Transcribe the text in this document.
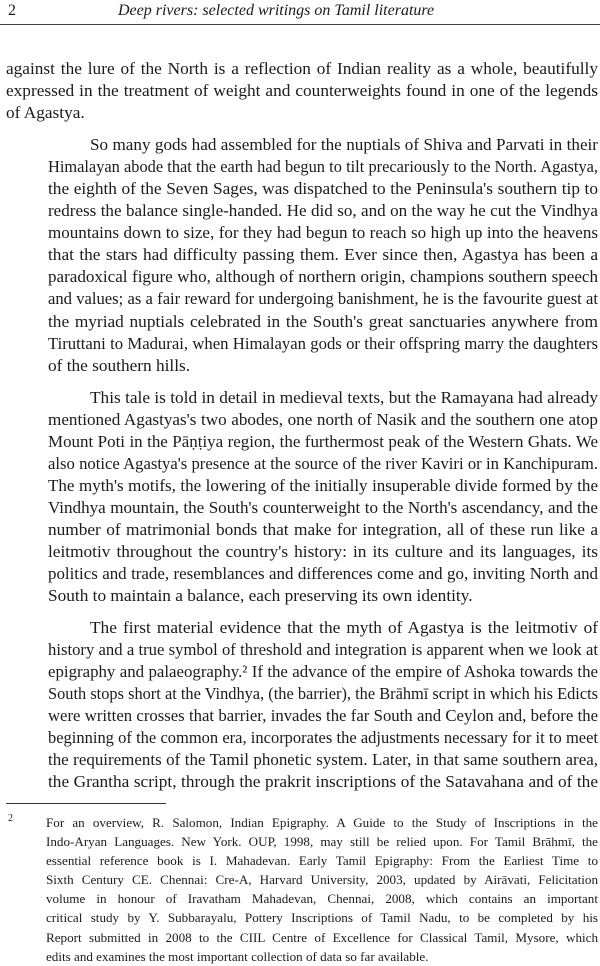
2	Deep rivers: selected writings on Tamil literature

against the lure of the North is a reflection of Indian reality as a whole, beautifully
expressed in the treatment of weight and counterweights found in one of the legends
of Agastya.

So many gods had assembled for the nuptials of Shiva and Parvati in their
Himalayan abode that the earth had begun to tilt precariously to the North. Agastya,
the eighth of the Seven Sages, was dispatched to the Peninsula's southern tip to
redress the balance single-handed. He did so, and on the way he cut the Vindhya
mountains down to size, for they had begun to reach so high up into the heavens
that the stars had difficulty passing them. Ever since then, Agastya has been a
paradoxical figure who, although of northern origin, champions southern speech
and values; as a fair reward for undergoing banishment, he is the favourite guest at
the myriad nuptials celebrated in the South's great sanctuaries anywhere from
Tiruttani to Madurai, when Himalayan gods or their offspring marry the daughters
of the southern hills.

This tale is told in detail in medieval texts, but the Ramayana had already
mentioned Agastyas's two abodes, one north of Nasik and the southern one atop
Mount Poti in the Pāṇṭiya region, the furthermost peak of the Western Ghats. We
also notice Agastya's presence at the source of the river Kaviri or in Kanchipuram.
The myth's motifs, the lowering of the initially insuperable divide formed by the
Vindhya mountain, the South's counterweight to the North's ascendancy, and the
number of matrimonial bonds that make for integration, all of these run like a
leitmotiv throughout the country's history: in its culture and its languages, its
politics and trade, resemblances and differences come and go, inviting North and
South to maintain a balance, each preserving its own identity.

The first material evidence that the myth of Agastya is the leitmotiv of
history and a true symbol of threshold and integration is apparent when we look at
epigraphy and palaeography.² If the advance of the empire of Ashoka towards the
South stops short at the Vindhya, (the barrier), the Brāhmī script in which his Edicts
were written crosses that barrier, invades the far South and Ceylon and, before the
beginning of the common era, incorporates the adjustments necessary for it to meet
the requirements of the Tamil phonetic system. Later, in that same southern area,
the Grantha script, through the prakrit inscriptions of the Satavahana and of the

2	For an overview, R. Salomon, Indian Epigraphy. A Guide to the Study of Inscriptions in the
Indo-Aryan Languages. New York. OUP, 1998, may still be relied upon. For Tamil Brāhmī, the
essential reference book is I. Mahadevan. Early Tamil Epigraphy: From the Earliest Time to
Sixth Century CE. Chennai: Cre-A, Harvard University, 2003, updated by Airāvati, Felicitation
volume in honour of Iravatham Mahadevan, Chennai, 2008, which contains an important
critical study by Y. Subbarayalu, Pottery Inscriptions of Tamil Nadu, to be completed by his
Report submitted in 2008 to the CIIL Centre of Excellence for Classical Tamil, Mysore, which
edits and examines the most important collection of data so far available.
